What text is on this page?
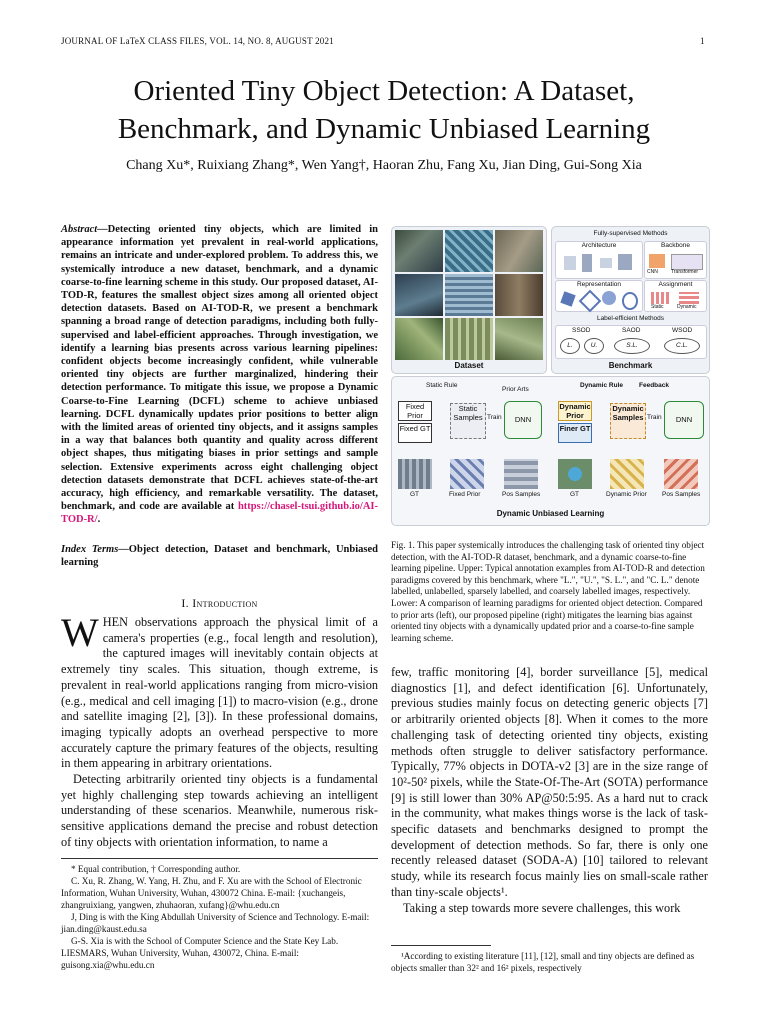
JOURNAL OF LaTeX CLASS FILES, VOL. 14, NO. 8, AUGUST 2021	1
Oriented Tiny Object Detection: A Dataset,
Benchmark, and Dynamic Unbiased Learning
Chang Xu*, Ruixiang Zhang*, Wen Yang†, Haoran Zhu, Fang Xu, Jian Ding, Gui-Song Xia
Abstract—Detecting oriented tiny objects, which are limited in appearance information yet prevalent in real-world applications, remains an intricate and under-explored problem. To address this, we systemically introduce a new dataset, benchmark, and a dynamic coarse-to-fine learning scheme in this study. Our proposed dataset, AI-TOD-R, features the smallest object sizes among all oriented object detection datasets. Based on AI-TOD-R, we present a benchmark spanning a broad range of detection paradigms, including both fully-supervised and label-efficient approaches. Through investigation, we identify a learning bias presents across various learning pipelines: confident objects become increasingly confident, while vulnerable oriented tiny objects are further marginalized, hindering their detection performance. To mitigate this issue, we propose a Dynamic Coarse-to-Fine Learning (DCFL) scheme to achieve unbiased learning. DCFL dynamically updates prior positions to better align with the limited areas of oriented tiny objects, and it assigns samples in a way that balances both quantity and quality across different object shapes, thus mitigating biases in prior settings and sample selection. Extensive experiments across eight challenging object detection datasets demonstrate that DCFL achieves state-of-the-art accuracy, high efficiency, and remarkable versatility. The dataset, benchmark, and code are available at https://chasel-tsui.github.io/AI-TOD-R/.
Index Terms—Object detection, Dataset and benchmark, Unbiased learning
I. Introduction
WHEN observations approach the physical limit of a camera's properties (e.g., focal length and resolution), the captured images will inevitably contain objects at extremely tiny scales. This situation, though extreme, is prevalent in real-world applications ranging from micro-vision (e.g., medical and cell imaging [1]) to macro-vision (e.g., drone and satellite imaging [2], [3]). In these professional domains, imaging typically adopts an overhead perspective to more accurately capture the primary features of the objects, resulting in them appearing in arbitrary orientations.
Detecting arbitrarily oriented tiny objects is a fundamental yet highly challenging step towards achieving an intelligent understanding of these scenarios. Meanwhile, numerous risk-sensitive applications demand the precise and robust detection of tiny objects with orientation information, to name a
* Equal contribution, † Corresponding author.
C. Xu, R. Zhang, W. Yang, H. Zhu, and F. Xu are with the School of Electronic Information, Wuhan University, Wuhan, 430072 China. E-mail: {xuchangeis, zhangruixiang, yangwen, zhuhaoran, xufang}@whu.edu.cn
J, Ding is with the King Abdullah University of Science and Technology. E-mail: jian.ding@kaust.edu.sa
G-S. Xia is with the School of Computer Science and the State Key Lab. LIESMARS, Wuhan University, Wuhan, 430072, China. E-mail: guisong.xia@whu.edu.cn
Dataset
Fully-supervised Methods
Architecture	Backbone
CNN	Transformer
Representation	Assignment
Static	Dynamic
Label-efficient Methods
SSOD	SAOD	WSOD
L.	U.	S.L.	C.L.
Benchmark
Static Rule
Prior Arts
Fixed Prior
Fixed GT
Static Samples Train	DNN
GT	Fixed Prior	Pos Samples
Dynamic Rule Feedback
Dynamic Prior
Finer GT
Dynamic Samples Train	DNN
GT	Dynamic Prior Pos Samples
Dynamic Unbiased Learning
Fig. 1. This paper systemically introduces the challenging task of oriented tiny object detection, with the AI-TOD-R dataset, benchmark, and a dynamic coarse-to-fine learning pipeline. Upper: Typical annotation examples from AI-TOD-R and detection paradigms covered by this benchmark, where "L.", "U.", "S. L.", and "C. L." denote labelled, unlabelled, sparsely labelled, and coarsely labelled images, respectively. Lower: A comparison of learning paradigms for oriented object detection. Compared to prior arts (left), our proposed pipeline (right) mitigates the learning bias against oriented tiny objects with a dynamically updated prior and a coarse-to-fine sample learning scheme.
few, traffic monitoring [4], border surveillance [5], medical diagnostics [1], and defect identification [6]. Unfortunately, previous studies mainly focus on detecting generic objects [7] or arbitrarily oriented objects [8]. When it comes to the more challenging task of detecting oriented tiny objects, existing methods often struggle to deliver satisfactory performance. Typically, 77% objects in DOTA-v2 [3] are in the size range of 10²-50² pixels, while the State-Of-The-Art (SOTA) performance [9] is still lower than 30% AP@50:5:95. As a hard nut to crack in the community, what makes things worse is the lack of task-specific datasets and benchmarks designed to prompt the development of detection methods. So far, there is only one recently released dataset (SODA-A) [10] tailored to relevant study, while its research focus mainly lies on small-scale rather than tiny-scale objects¹.
Taking a step towards more severe challenges, this work
¹According to existing literature [11], [12], small and tiny objects are defined as objects smaller than 32² and 16² pixels, respectively
